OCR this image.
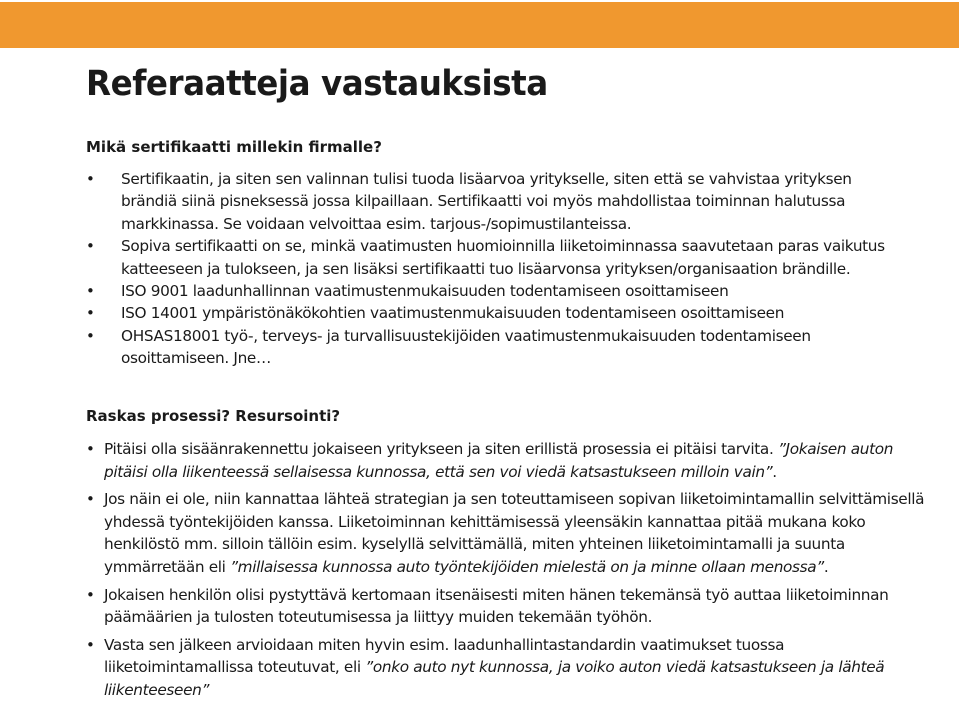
Referaatteja vastauksista
Mikä sertifikaatti millekin firmalle?
• Sertifikaatin, ja siten sen valinnan tulisi tuoda lisäarvoa yritykselle, siten että se vahvistaa yrityksen brändiä siinä pisneksessä jossa kilpaillaan. Sertifikaatti voi myös mahdollistaa toiminnan halutussa markkinassa. Se voidaan velvoittaa esim. tarjous-/sopimustilanteissa.
• Sopiva sertifikaatti on se, minkä vaatimusten huomioinnilla liiketoiminnassa saavutetaan paras vaikutus katteeseen ja tulokseen, ja sen lisäksi sertifikaatti tuo lisäarvonsa yrityksen/organisaation brändille.
• ISO 9001 laadunhallinnan vaatimustenmukaisuuden todentamiseen osoittamiseen
• ISO 14001 ympäristönäkökohtien vaatimustenmukaisuuden todentamiseen osoittamiseen
• OHSAS18001 työ-, terveys- ja turvallisuustekijöiden vaatimustenmukaisuuden todentamiseen osoittamiseen. Jne…
Raskas prosessi? Resursointi?
• Pitäisi olla sisäänrakennettu jokaiseen yritykseen ja siten erillistä prosessia ei pitäisi tarvita. ”Jokaisen auton pitäisi olla liikenteessä sellaisessa kunnossa, että sen voi viedä katsastukseen milloin vain”.
• Jos näin ei ole, niin kannattaa lähteä strategian ja sen toteuttamiseen sopivan liiketoimintamallin selvittämisellä yhdessä työntekijöiden kanssa. Liiketoiminnan kehittämisessä yleensäkin kannattaa pitää mukana koko henkilöstö mm. silloin tällöin esim. kyselyllä selvittämällä, miten yhteinen liiketoimintamalli ja suunta ymmärretään eli ”millaisessa kunnossa auto työntekijöiden mielestä on ja minne ollaan menossa”.
• Jokaisen henkilön olisi pystyttävä kertomaan itsenäisesti miten hänen tekemänsä työ auttaa liiketoiminnan päämäärien ja tulosten toteutumisessa ja liittyy muiden tekemään työhön.
• Vasta sen jälkeen arvioidaan miten hyvin esim. laadunhallintastandardin vaatimukset tuossa liiketoimintamallissa toteutuvat, eli ”onko auto nyt kunnossa, ja voiko auton viedä katsastukseen ja lähteä liikenteeseen”
